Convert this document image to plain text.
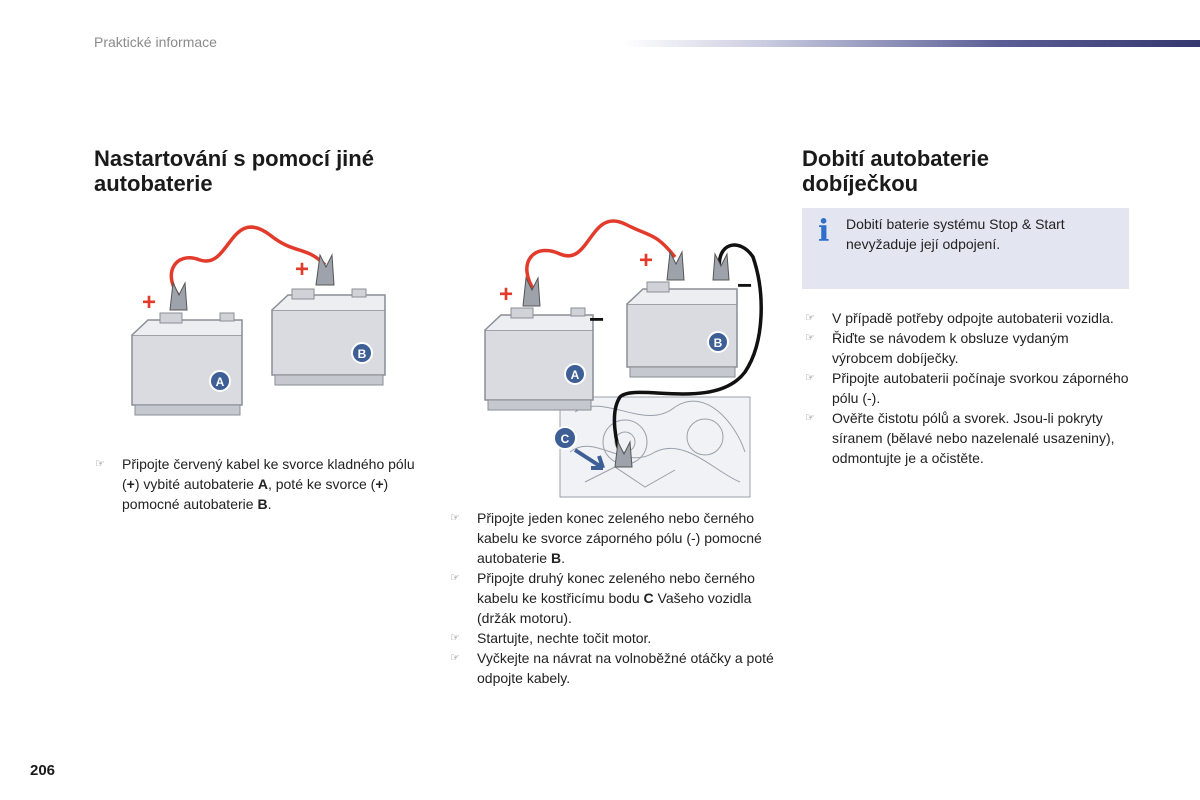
Praktické informace
Nastartování s pomocí jiné autobaterie
B
+
A
+
☞ Připojte červený kabel ke svorce kladného pólu (+) vybité autobaterie A, poté ke svorce (+) pomocné autobaterie B.
B
+
−
A
+
−
C
☞ Připojte jeden konec zeleného nebo černého kabelu ke svorce záporného pólu (-) pomocné autobaterie B.
☞ Připojte druhý konec zeleného nebo černého kabelu ke kostřicímu bodu C Vašeho vozidla (držák motoru).
☞ Startujte, nechte točit motor.
☞ Vyčkejte na návrat na volnoběžné otáčky a poté odpojte kabely.
Dobití autobaterie dobíječkou
i Dobití baterie systému Stop & Start nevyžaduje její odpojení.
☞ V případě potřeby odpojte autobaterii vozidla.
☞ Řiďte se návodem k obsluze vydaným výrobcem dobíječky.
☞ Připojte autobaterii počínaje svorkou záporného pólu (-).
☞ Ověřte čistotu pólů a svorek. Jsou-li pokryty síranem (bělavé nebo nazelenalé usazeniny), odmontujte je a očistěte.
206
